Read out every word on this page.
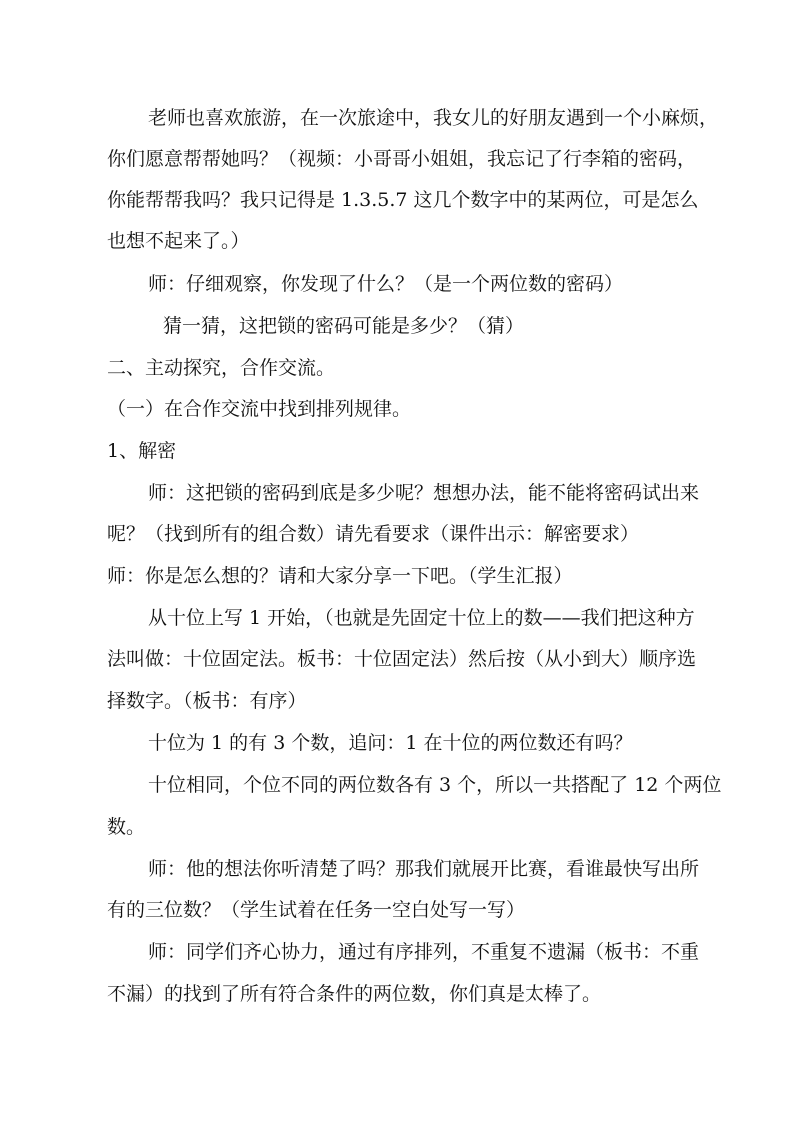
老师也喜欢旅游，在一次旅途中，我女儿的好朋友遇到一个小麻烦，
你们愿意帮帮她吗？（视频：小哥哥小姐姐，我忘记了行李箱的密码，
你能帮帮我吗？我只记得是 1.3.5.7 这几个数字中的某两位，可是怎么
也想不起来了。）
师：仔细观察，你发现了什么？（是一个两位数的密码）
猜一猜，这把锁的密码可能是多少？（猜）
二、主动探究，合作交流。
（一）在合作交流中找到排列规律。
1、解密
师：这把锁的密码到底是多少呢？想想办法，能不能将密码试出来
呢？（找到所有的组合数）请先看要求（课件出示：解密要求）
师：你是怎么想的？请和大家分享一下吧。（学生汇报）
从十位上写 1 开始，（也就是先固定十位上的数——我们把这种方
法叫做：十位固定法。板书：十位固定法）然后按（从小到大）顺序选
择数字。（板书：有序）
十位为 1 的有 3 个数，追问：1 在十位的两位数还有吗？
十位相同，个位不同的两位数各有 3 个，所以一共搭配了 12 个两位
数。
师：他的想法你听清楚了吗？那我们就展开比赛，看谁最快写出所
有的三位数？（学生试着在任务一空白处写一写）
师：同学们齐心协力，通过有序排列，不重复不遗漏（板书：不重
不漏）的找到了所有符合条件的两位数，你们真是太棒了。
